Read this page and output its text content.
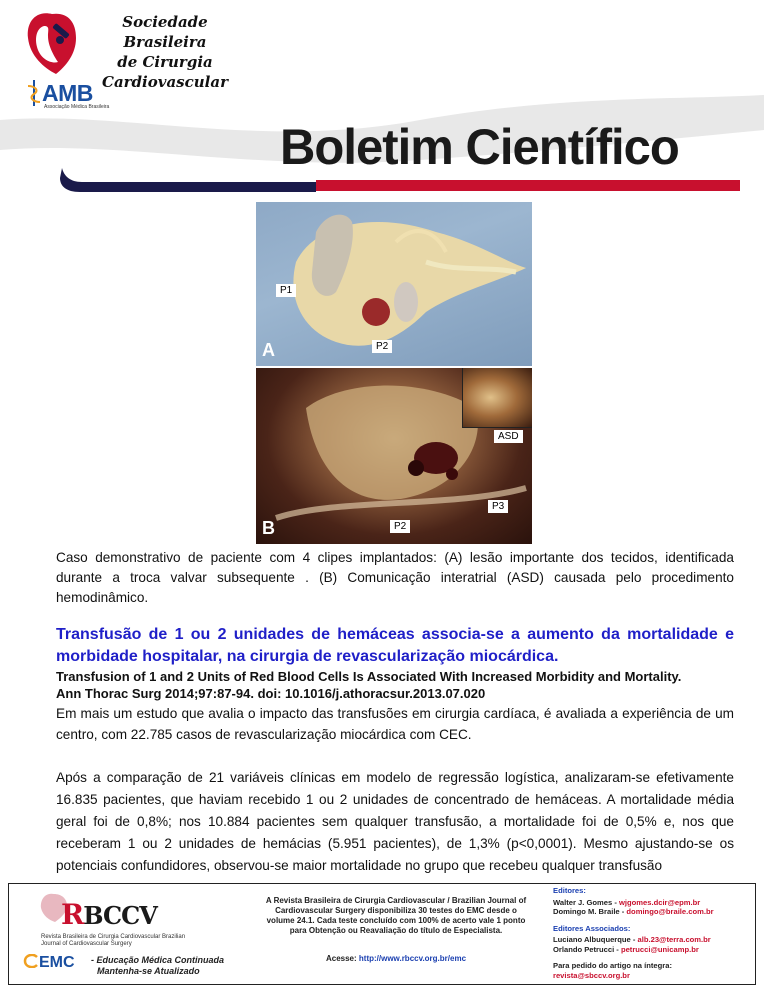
Sociedade Brasileira
de Cirurgia
Cardiovascular
AMB
Associação Médica Brasileira
Boletim Científico
P1
P2
A
ASD
P3
P2
B
Caso demonstrativo de paciente com 4 clipes implantados: (A) lesão importante dos tecidos, identificada durante a troca valvar subsequente . (B) Comunicação interatrial (ASD) causada pelo procedimento hemodinâmico.
Transfusão de 1 ou 2 unidades de hemáceas associa-se a aumento da mortalidade e morbidade hospitalar, na cirurgia de revascularização miocárdica.
Transfusion of 1 and 2 Units of Red Blood Cells Is Associated With Increased Morbidity and Mortality.
Ann Thorac Surg 2014;97:87-94. doi: 10.1016/j.athoracsur.2013.07.020
Em mais um estudo que avalia o impacto das transfusões em cirurgia cardíaca, é avaliada a experiência de um centro, com 22.785 casos de revascularização miocárdica com CEC.
Após a comparação de 21 variáveis clínicas em modelo de regressão logística, analizaram-se efetivamente 16.835 pacientes, que haviam recebido 1 ou 2 unidades de concentrado de hemáceas. A mortalidade média geral foi de 0,8%; nos 10.884 pacientes sem qualquer transfusão, a mortalidade foi de 0,5% e, nos que receberam 1 ou 2 unidades de hemácias (5.951 pacientes), de 1,3% (p<0,0001). Mesmo ajustando-se os potenciais confundidores, observou-se maior mortalidade no grupo que recebeu qualquer transfusão
RBCCV
Revista Brasileira de Cirurgia Cardiovascular Brazilian Journal of Cardiovascular Surgery
EMC - Educação Médica Continuada
Mantenha-se Atualizado
A Revista Brasileira de Cirurgia Cardiovascular / Brazilian Journal of Cardiovascular Surgery disponibiliza 30 testes do EMC desde o volume 24.1. Cada teste concluído com 100% de acerto vale 1 ponto para Obtenção ou Reavaliação do título de Especialista.
Acesse: http://www.rbccv.org.br/emc
Editores:
Walter J. Gomes - wjgomes.dcir@epm.br
Domingo M. Braile - domingo@braile.com.br
Editores Associados:
Luciano Albuquerque - alb.23@terra.com.br
Orlando Petrucci - petrucci@unicamp.br
Para pedido do artigo na íntegra:
revista@sbccv.org.br
